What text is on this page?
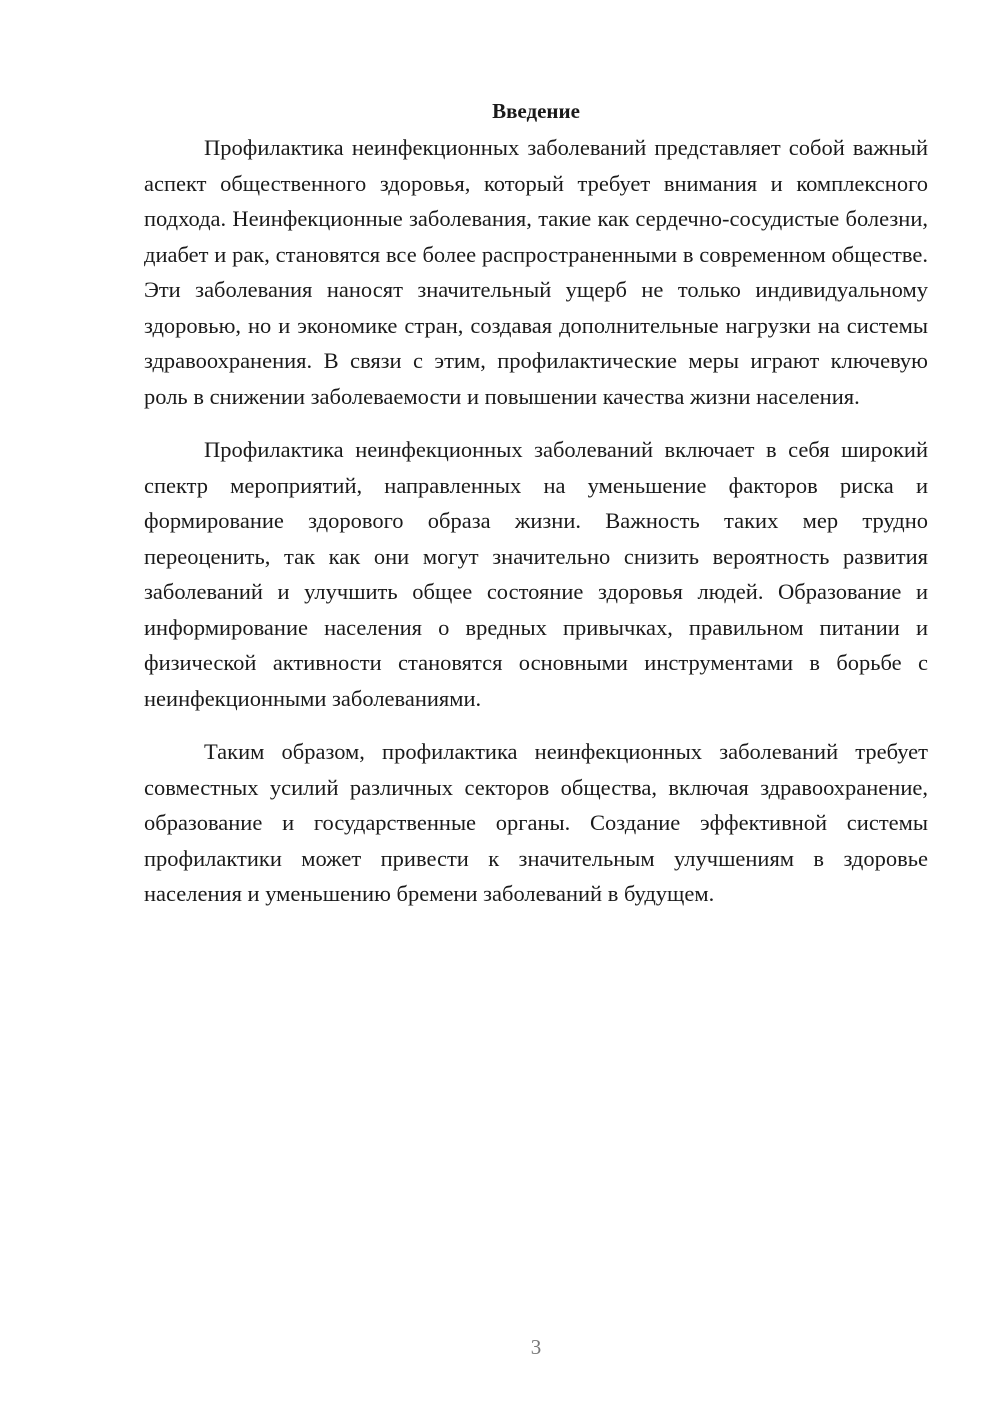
Введение

Профилактика неинфекционных заболеваний представляет собой важный аспект общественного здоровья, который требует внимания и комплексного подхода. Неинфекционные заболевания, такие как сердечно-сосудистые болезни, диабет и рак, становятся все более распространенными в современном обществе. Эти заболевания наносят значительный ущерб не только индивидуальному здоровью, но и экономике стран, создавая дополнительные нагрузки на системы здравоохранения. В связи с этим, профилактические меры играют ключевую роль в снижении заболеваемости и повышении качества жизни населения.

Профилактика неинфекционных заболеваний включает в себя широкий спектр мероприятий, направленных на уменьшение факторов риска и формирование здорового образа жизни. Важность таких мер трудно переоценить, так как они могут значительно снизить вероятность развития заболеваний и улучшить общее состояние здоровья людей. Образование и информирование населения о вредных привычках, правильном питании и физической активности становятся основными инструментами в борьбе с неинфекционными заболеваниями.

Таким образом, профилактика неинфекционных заболеваний требует совместных усилий различных секторов общества, включая здравоохранение, образование и государственные органы. Создание эффективной системы профилактики может привести к значительным улучшениям в здоровье населения и уменьшению бремени заболеваний в будущем.

3
